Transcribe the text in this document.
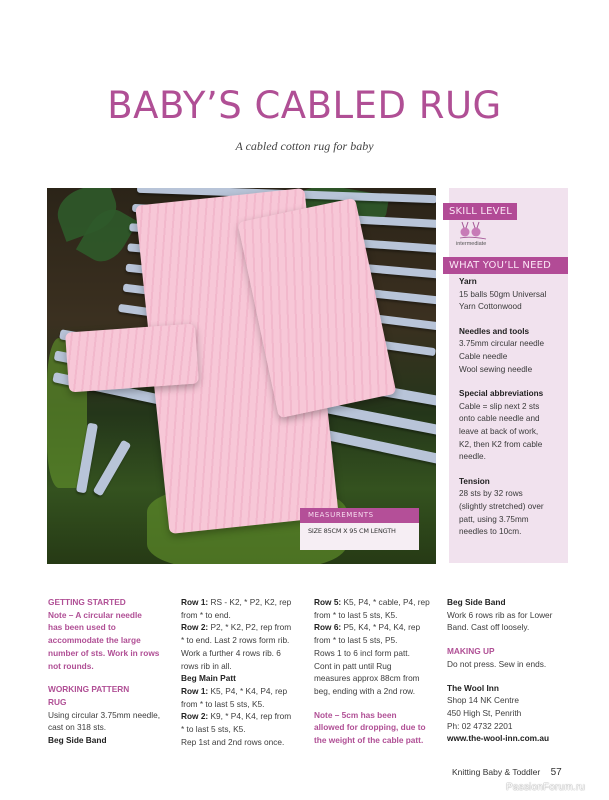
BABY’S CABLED RUG
A cabled cotton rug for baby
MEASUREMENTS
SIZE 85CM X 95 CM LENGTH
SKILL LEVEL
intermediate
WHAT YOU’LL NEED
Yarn
15 balls 50gm Universal
Yarn Cottonwood
Needles and tools
3.75mm circular needle
Cable needle
Wool sewing needle
Special abbreviations
Cable = slip next 2 sts
onto cable needle and
leave at back of work,
K2, then K2 from cable
needle.
Tension
28 sts by 32 rows
(slightly stretched) over
patt, using 3.75mm
needles to 10cm.
GETTING STARTED
Note – A circular needle
has been used to
accommodate the large
number of sts. Work in rows
not rounds.
WORKING PATTERN
RUG
Using circular 3.75mm needle,
cast on 318 sts.
Beg Side Band
Row 1: RS - K2, * P2, K2, rep
from * to end.
Row 2: P2, * K2, P2, rep from
* to end. Last 2 rows form rib.
Work a further 4 rows rib. 6
rows rib in all.
Beg Main Patt
Row 1: K5, P4, * K4, P4, rep
from * to last 5 sts, K5.
Row 2: K9, * P4, K4, rep from
* to last 5 sts, K5.
Rep 1st and 2nd rows once.
Row 5: K5, P4, * cable, P4, rep
from * to last 5 sts, K5.
Row 6: P5, K4, * P4, K4, rep
from * to last 5 sts, P5.
Rows 1 to 6 incl form patt.
Cont in patt until Rug
measures approx 88cm from
beg, ending with a 2nd row.
Note – 5cm has been
allowed for dropping, due to
the weight of the cable patt.
Beg Side Band
Work 6 rows rib as for Lower
Band. Cast off loosely.
MAKING UP
Do not press. Sew in ends.
The Wool Inn
Shop 14 NK Centre
450 High St, Penrith
Ph: 02 4732 2201
www.the-wool-inn.com.au
Knitting Baby & Toddler 57
PassionForum.ru
